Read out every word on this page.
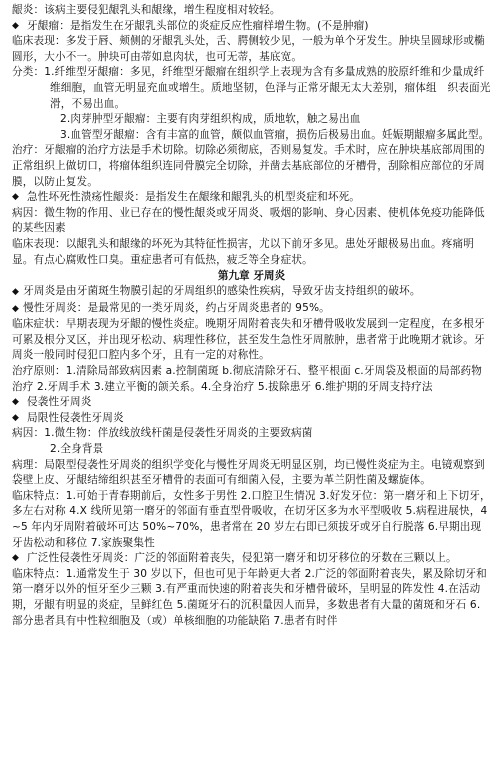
龈炎：该病主要侵犯龈乳头和龈缘，增生程度相对较轻。

◆ 牙龈瘤：是指发生在牙龈乳头部位的炎症反应性瘤样增生物。(不是肿瘤)

临床表现：多发于唇、颊侧的牙龈乳头处，舌、腭侧较少见，一般为单个牙发生。肿块呈圆球形或椭圆形，大小不一。肿块可由蒂如息肉状，也可无蒂，基底宽。

分类：1.纤维型牙龈瘤：多见，纤维型牙龈瘤在组织学上表现为含有多量成熟的胶原纤维和少量成纤维细胞，血管无明显充血或增生。质地坚韧，色泽与正常牙龈无太大差别，瘤体组　织表面光滑，不易出血。

2.肉芽肿型牙龈瘤：主要有肉芽组织构成，质地软，触之易出血

3.血管型牙龈瘤：含有丰富的血管，颇似血管瘤，损伤后极易出血。妊娠期龈瘤多属此型。

治疗：牙龈瘤的治疗方法是手术切除。切除必须彻底，否则易复发。手术时，应在肿块基底部周围的正常组织上做切口，将瘤体组织连同骨膜完全切除，并凿去基底部位的牙槽骨，刮除相应部位的牙周膜，以防止复发。

◆ 急性坏死性溃疡性龈炎：是指发生在龈缘和龈乳头的机型炎症和坏死。

病因：微生物的作用、业已存在的慢性龈炎或牙周炎、吸烟的影响、身心因素、使机体免疫功能降低的某些因素

临床表现：以龈乳头和龈缘的坏死为其特征性损害，尤以下前牙多见。患处牙龈极易出血。疼痛明显。有点心腐败性口臭。重症患者可有低热，疲乏等全身症状。

第九章 牙周炎

◆ 牙周炎是由牙菌斑生物膜引起的牙周组织的感染性疾病，导致牙齿支持组织的破坏。

◆ 慢性牙周炎：是最常见的一类牙周炎，约占牙周炎患者的 95%。

临床症状：早期表现为牙龈的慢性炎症。晚期牙周附着丧失和牙槽骨吸收发展到一定程度，在多根牙可累及根分叉区，并出现牙松动、病理性移位，甚至发生急性牙周脓肿，患者常于此晚期才就诊。牙周炎一般同时侵犯口腔内多个牙，且有一定的对称性。

治疗原则：1.清除局部致病因素 a.控制菌斑 b.彻底清除牙石、整平根面 c.牙周袋及根面的局部药物治疗 2.牙周手术 3.建立平衡的颌关系。4.全身治疗 5.拔除患牙 6.维护期的牙周支持疗法

◆ 侵袭性牙周炎

◆ 局限性侵袭性牙周炎

病因：1.微生物：伴放线放线杆菌是侵袭性牙周炎的主要致病菌

2.全身背景

病理：局限型侵袭性牙周炎的组织学变化与慢性牙周炎无明显区别，均已慢性炎症为主。电镜观察到袋壁上皮、牙龈结缔组织甚至牙槽骨的表面可有细菌入侵，主要为革兰阴性菌及螺旋体。

临床特点：1.可始于青春期前后，女性多于男性 2.口腔卫生情况 3.好发牙位：第一磨牙和上下切牙，多左右对称 4.X 线所见第一磨牙的邻面有垂直型骨吸收，在切牙区多为水平型吸收 5.病程进展快，4~5 年内牙周附着破坏可达 50%~70%，患者常在 20 岁左右即已须拔牙或牙自行脱落 6.早期出现牙齿松动和移位 7.家族聚集性

◆ 广泛性侵袭性牙周炎：广泛的邻面附着丧失，侵犯第一磨牙和切牙移位的牙数在三颗以上。

临床特点：1.通常发生于 30 岁以下，但也可见于年龄更大者 2.广泛的邻面附着丧失，累及除切牙和第一磨牙以外的恒牙至少三颗 3.有严重而快速的附着丧失和牙槽骨破坏，呈明显的阵发性 4.在活动期，牙龈有明显的炎症，呈鲜红色 5.菌斑牙石的沉积量因人而异，多数患者有大量的菌斑和牙石 6.部分患者具有中性粒细胞及（或）单核细胞的功能缺陷 7.患者有时伴
